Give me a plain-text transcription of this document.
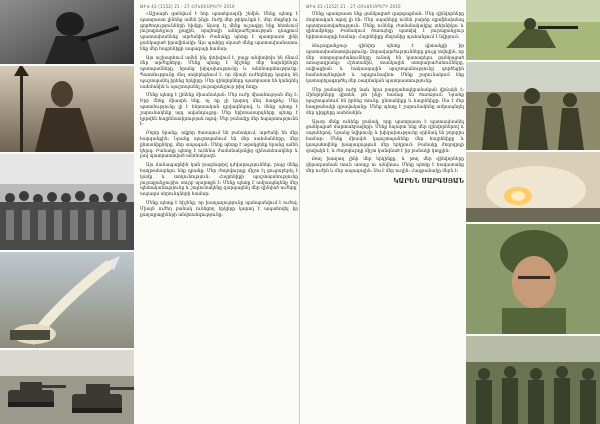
ԹԻՎ 43 (1152) 21 - 27 ՀՈԿՏԵՄԲԵՐԻ 2010

«Աշխարհ գտնվում է նոր պատերազմի շեմին։ Մենք պետք է պատրաստ լինենք ամեն ինչի։ Ուժը մեր թիկունքն է, մեր մտքերի ու գործողությունների հիմքը։ Այսօր էլ մենք ուշադիր ենք հետևում յուրաքանչյուր քայլին, որպեսզի անհրաժեշտության դեպքում պատասխանենք արժանին։ Բանակը պետք է պատրաստ լինի ցանկացած իրավիճակի։ Այս պահից սկսած մենք պատասխանատու ենք մեր հայրենիքի ապագայի համար։

Այս աշխարհում ամեն ինչ փոխվում է, բայց անփոփոխ են մնում մեր արժեքները։ Մենք պետք է հիշենք մեր նախնիների պատգամները, նրանց խիզախությունը և անձնազոհությունը։ Պատմությունը մեզ սովորեցնում է, որ միայն ուժեղները կարող են պաշտպանել իրենց երկիրը։ Մեր զինվորները պատրաստ են կանգնել սահմանին և պաշտպանել յուրաքանչյուր թիզ հողը։

Մենք պետք է լինենք միասնական։ Մեր ուժը միասնության մեջ է։ Երբ մենք միասին ենք, ոչ ոք չի կարող մեզ հաղթել։ Մեր պատմությունը լի է հերոսական դրվագներով, և մենք պետք է շարունակենք այդ ավանդույթը։ Մեր երիտասարդները պետք է կրթվեն հայրենասիրության ոգով։ Մեր բանակը մեր հպարտությունն է։

Բոլոր նրանք, ովքեր ծառայում են բանակում, արժանի են մեր հարգանքին։ Նրանք պաշտպանում են մեր սահմանները, մեր ընտանիքները, մեր ապագան։ Մենք պետք է աջակցենք նրանց ամեն կերպ։ Բանակը պետք է ունենա ժամանակակից զինատեսակներ և լավ պատրաստված անձնակազմ։

Այս ճանապարհին կան բազմաթիվ դժվարություններ, բայց մենք հաղթահարելու ենք դրանք։ Մեր ժողովուրդը միշտ էլ ցուցաբերել է կամք և տոկունություն։ Հայրենիքի պաշտպանությունը յուրաքանչյուրիս սուրբ պարտքն է։ Մենք պետք է ամրապնդենք մեր պետականությունը և շարունակենք զարգացնել մեր զինված ուժերը՝ ապագա սերունդների համար։

Մենք պետք է հիշենք, որ խաղաղությունը պահպանվում է ուժով։ Միայն ուժեղ բանակ ունեցող երկիրը կարող է ապահովել իր քաղաքացիների անվտանգությունը։

ԹԻՎ 43 (1152) 21 - 27 ՀՈԿՏԵՄԲԵՐԻ 2010

Մենք պատրաստ ենք ցանկացած զարգացման։ Մեր զինվորները մարտական ոգով լի են։ Մեր սպաները ունեն բարձր պրոֆեսիոնալ պատրաստվածություն։ Մենք ունենք ժամանակակից տեխնիկա և զինամթերք։ Բանակում ծառայելը պատիվ է յուրաքանչյուր երիտասարդի համար։ Հայրենիքը մեզանից պահանջում է նվիրում։

Յուրաքանչյուր զինվոր պետք է գիտակցի իր պատասխանատվությունը։ Զորավարժությունները ցույց տվեցին, որ մեր ստորաբաժանումները ունակ են կատարելու ցանկացած առաջադրանք։ Հրետանին, տանկային ստորաբաժանումները, ավիացիան և հակաօդային պաշտպանությունը գործեցին համաձայնեցված և արդյունավետ։ Մենք շարունակում ենք կատարելագործել մեր ռազմական պատրաստությունը։

Մեր բանակի ուժը նաև նրա բարոյահոգեբանական վիճակն է։ Զինվորները գիտեն, թե ինչի համար են ծառայում։ Նրանք պաշտպանում են իրենց տունը, ընտանիքը և հայրենիքը։ Սա է մեր հաղթանակի գրավականը։ Մենք պետք է շարունակենք ամրապնդել մեր դիրքերը սահմանին։

Այսօր մենք ունենք բանակ, որը պատրաստ է պատասխանել ցանկացած մարտահրավերի։ Մենք հպարտ ենք մեր զինվորներով և սպաներով։ Նրանց նվիրումը և խիզախությունը օրինակ են բոլորիս համար։ Մենք միասին կպաշտպանենք մեր հայրենիքը և կապահովենք խաղաղություն մեր երկրում։ Բանակը ժողովրդի զավակն է, և ժողովուրդը միշտ կանգնած է իր բանակի կողքին։

Թող խաղաղ լինի մեր երկինքը, և թող մեր զինվորները վերադառնան տուն առողջ ու անվնաս։ Մենք պետք է հավատանք մեր ուժին և մեր ապագային։ Սա է մեր ուղին։ Հաղթանակը մերն է։

ԿԱՐԵՆ ՍԱՐԳՍՅԱՆ
